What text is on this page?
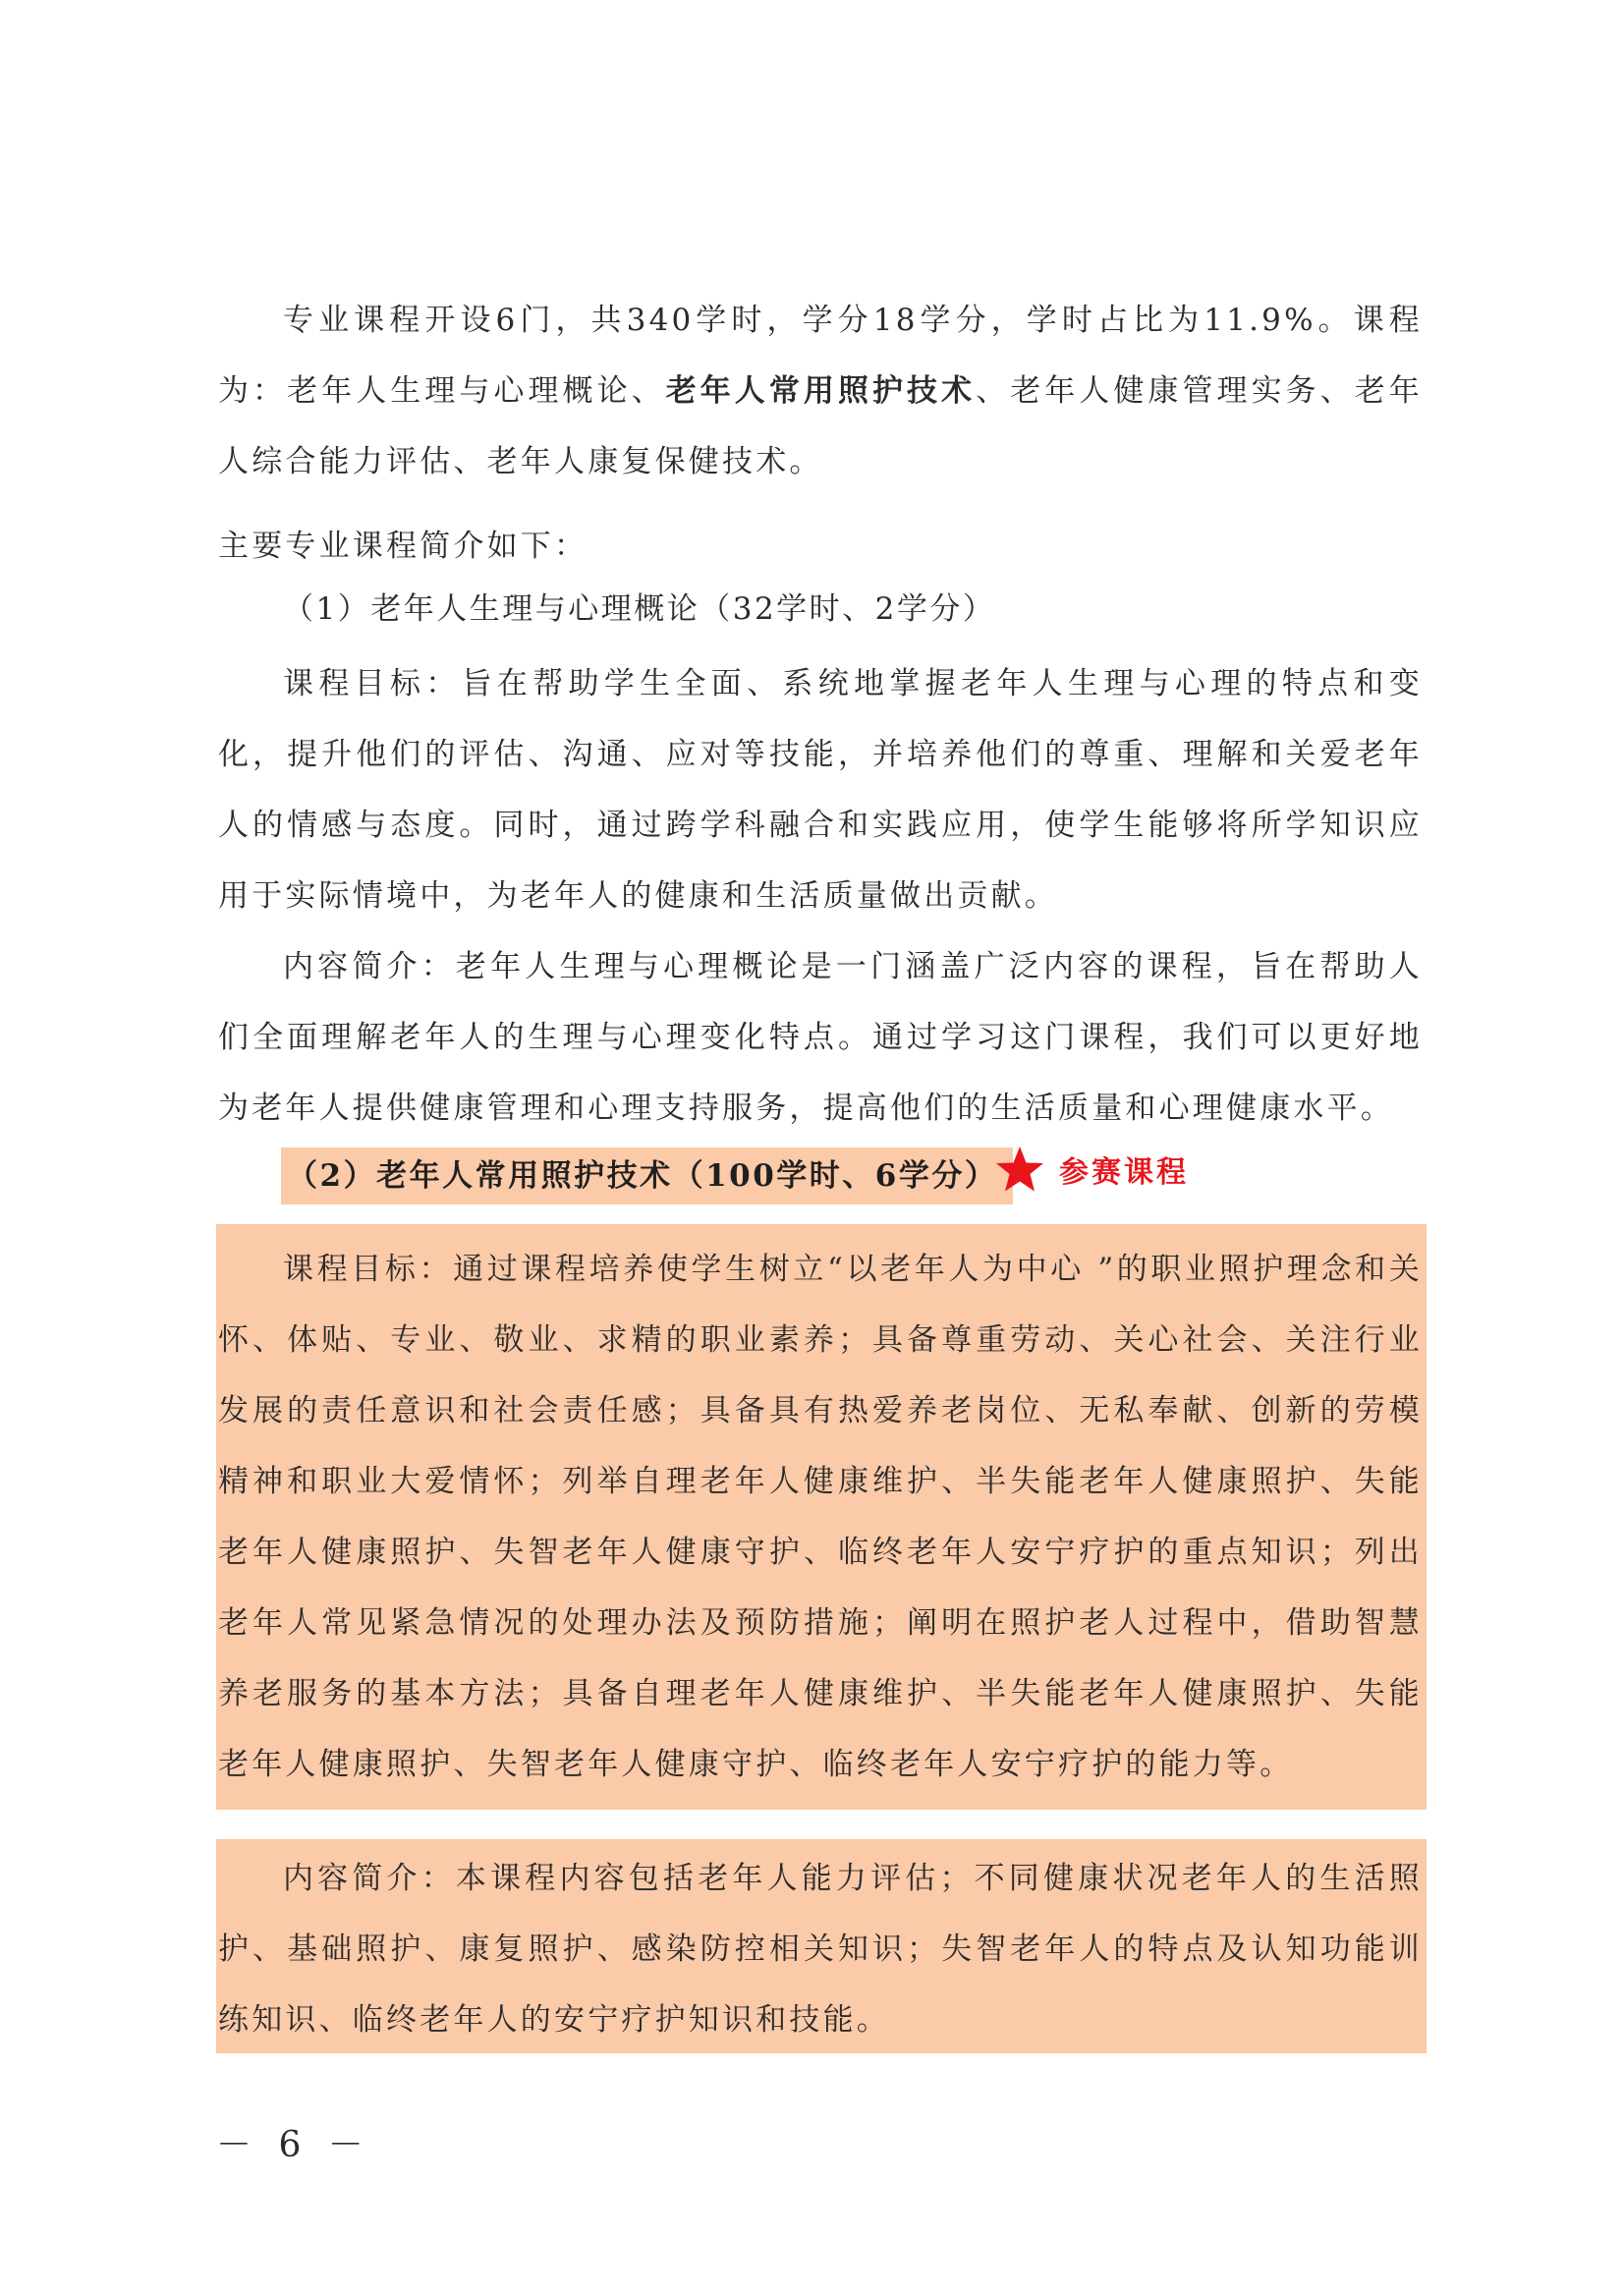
专业课程开设6门，共340学时，学分18学分，学时占比为11.9%。课程为：老年人生理与心理概论、老年人常用照护技术、老年人健康管理实务、老年人综合能力评估、老年人康复保健技术。

主要专业课程简介如下：

（1）老年人生理与心理概论（32学时、2学分）

课程目标：旨在帮助学生全面、系统地掌握老年人生理与心理的特点和变化，提升他们的评估、沟通、应对等技能，并培养他们的尊重、理解和关爱老年人的情感与态度。同时，通过跨学科融合和实践应用，使学生能够将所学知识应用于实际情境中，为老年人的健康和生活质量做出贡献。

内容简介：老年人生理与心理概论是一门涵盖广泛内容的课程，旨在帮助人们全面理解老年人的生理与心理变化特点。通过学习这门课程，我们可以更好地为老年人提供健康管理和心理支持服务，提高他们的生活质量和心理健康水平。

（2）老年人常用照护技术（100学时、6学分）	参赛课程

课程目标：通过课程培养使学生树立“以老年人为中心 ”的职业照护理念和关怀、体贴、专业、敬业、求精的职业素养；具备尊重劳动、关心社会、关注行业发展的责任意识和社会责任感；具备具有热爱养老岗位、无私奉献、创新的劳模精神和职业大爱情怀；列举自理老年人健康维护、半失能老年人健康照护、失能老年人健康照护、失智老年人健康守护、临终老年人安宁疗护的重点知识；列出老年人常见紧急情况的处理办法及预防措施；阐明在照护老人过程中，借助智慧养老服务的基本方法；具备自理老年人健康维护、半失能老年人健康照护、失能老年人健康照护、失智老年人健康守护、临终老年人安宁疗护的能力等。

内容简介：本课程内容包括老年人能力评估；不同健康状况老年人的生活照护、基础照护、康复照护、感染防控相关知识；失智老年人的特点及认知功能训练知识、临终老年人的安宁疗护知识和技能。

－ 6 －
